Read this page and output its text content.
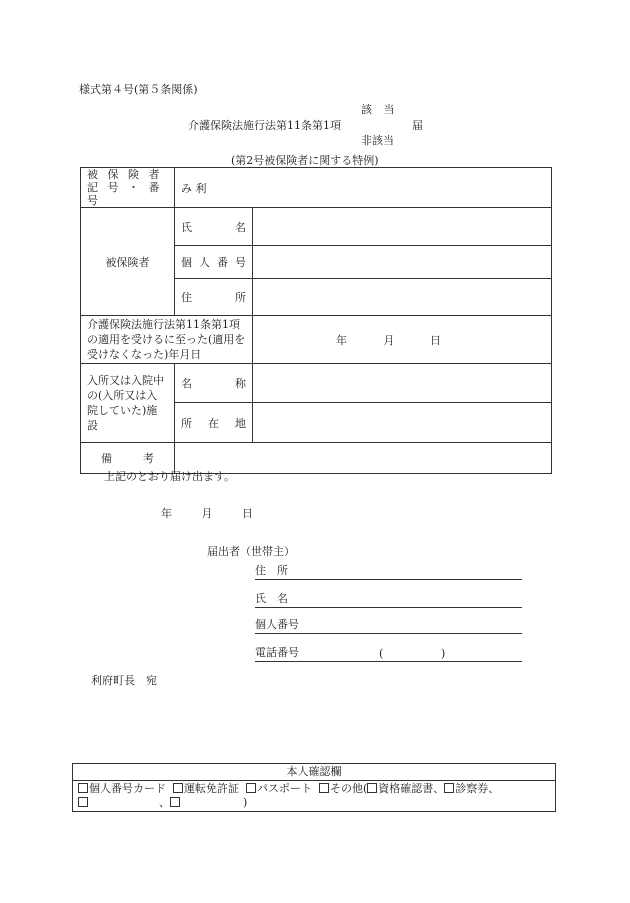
様式第４号(第５条関係)
該 当
介護保険法施行法第11条第1項	届
非該当
(第2号被保険者に関する特例)
被 保 険 者 記 号 ・ 番 号	み 利	
被保険者	氏 名	
	個 人 番 号	
	住 所	
介護保険法施行法第11条第1項の適用を受けるに至った(適用を受けなくなった)年月日		年 月 日
入所又は入院中の(入所又は入院していた)施設	名 称	
	所 在 地	
備 考		
上記のとおり届け出ます。
年	月	日
届出者（世帯主）
住　所
氏　名
個人番号
電話番号	(	)
利府町長　宛
本人確認欄
個人番号カード 運転免許証 パスポート その他( 資格確認書、 診察券、
、	)
